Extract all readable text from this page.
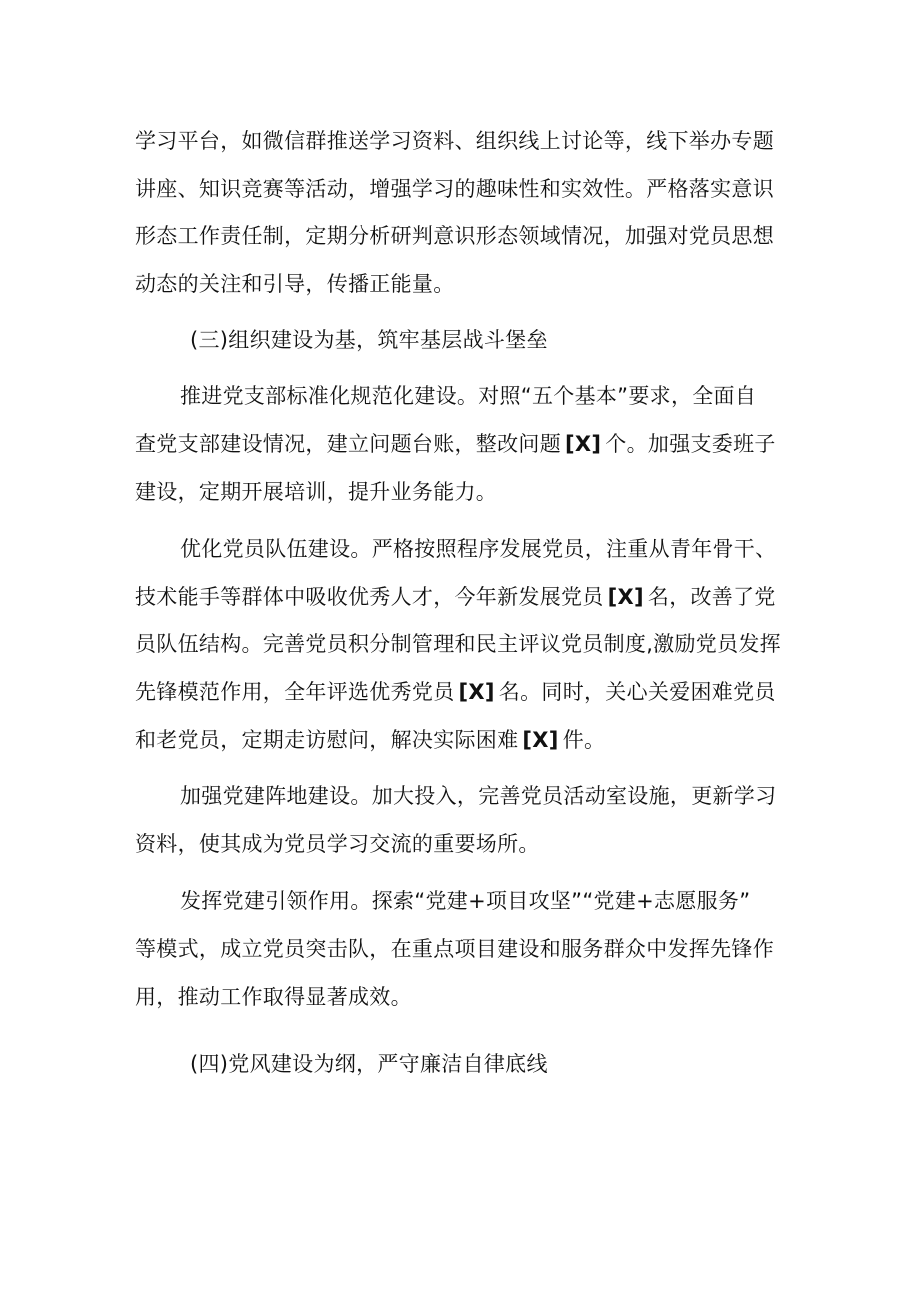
学习平台，如微信群推送学习资料、组织线上讨论等，线下举办专题
讲座、知识竞赛等活动，增强学习的趣味性和实效性。严格落实意识
形态工作责任制，定期分析研判意识形态领域情况，加强对党员思想
动态的关注和引导，传播正能量。
(三)组织建设为基，筑牢基层战斗堡垒
推进党支部标准化规范化建设。对照“五个基本”要求，全面自
查党支部建设情况，建立问题台账，整改问题 [X] 个。加强支委班子
建设，定期开展培训，提升业务能力。
优化党员队伍建设。严格按照程序发展党员，注重从青年骨干、
技术能手等群体中吸收优秀人才，今年新发展党员 [X] 名，改善了党
员队伍结构。完善党员积分制管理和民主评议党员制度,激励党员发挥
先锋模范作用，全年评选优秀党员 [X] 名。同时，关心关爱困难党员
和老党员，定期走访慰问，解决实际困难 [X] 件。
加强党建阵地建设。加大投入，完善党员活动室设施，更新学习
资料，使其成为党员学习交流的重要场所。
发挥党建引领作用。探索“党建+项目攻坚”“党建+志愿服务”
等模式，成立党员突击队，在重点项目建设和服务群众中发挥先锋作
用，推动工作取得显著成效。
(四)党风建设为纲，严守廉洁自律底线
